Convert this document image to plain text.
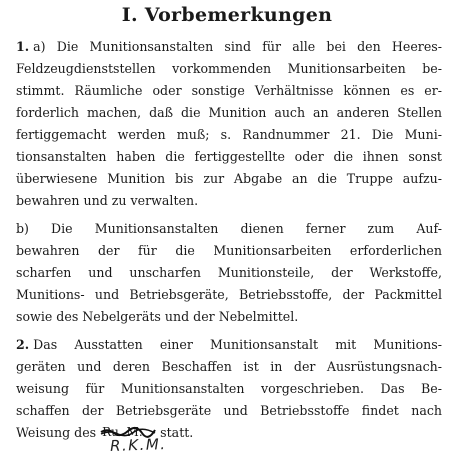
I. Vorbemerkungen
1. a) Die Munitionsanstalten sind für alle bei den Heeres-
Feldzeugdienststellen vorkommenden Munitionsarbeiten be-
stimmt. Räumliche oder sonstige Verhältnisse können es er-
forderlich machen, daß die Munition auch an anderen Stellen
fertiggemacht werden muß; s. Randnummer 21. Die Muni-
tionsanstalten haben die fertiggestellte oder die ihnen sonst
überwiesene Munition bis zur Abgabe an die Truppe aufzu-
bewahren und zu verwalten.
b) Die Munitionsanstalten dienen ferner zum Auf-
bewahren der für die Munitionsarbeiten erforderlichen
scharfen und unscharfen Munitionsteile, der Werkstoffe,
Munitions- und Betriebsgeräte, Betriebsstoffe, der Packmittel
sowie des Nebelgeräts und der Nebelmittel.
2. Das Ausstatten einer Munitionsanstalt mit Munitions-
geräten und deren Beschaffen ist in der Ausrüstungsnach-
weisung für Munitionsanstalten vorgeschrieben. Das Be-
schaffen der Betriebsgeräte und Betriebsstoffe findet nach
Weisung des Ru. M. statt.
R.K.M.
